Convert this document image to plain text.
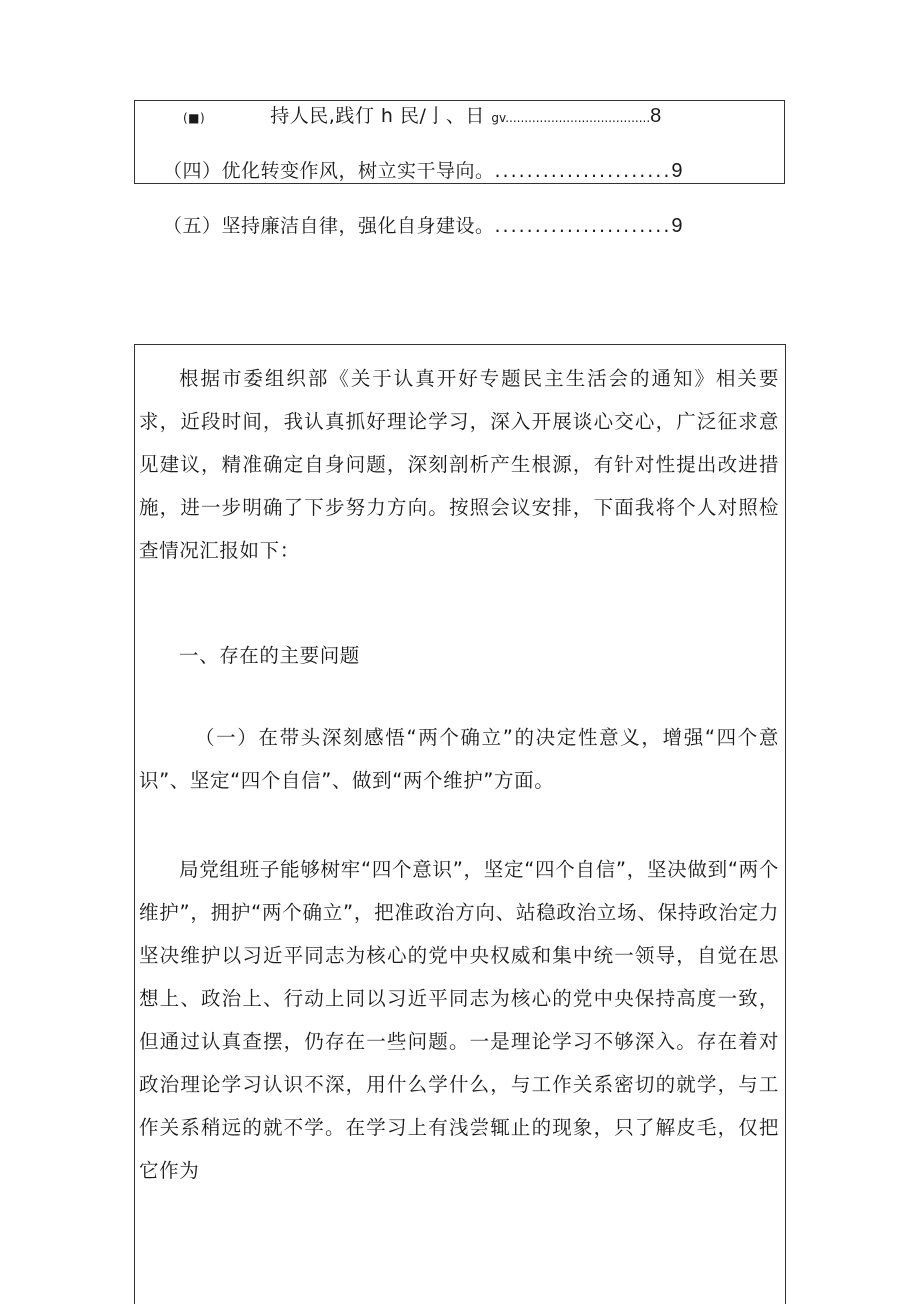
(■)	持人民,践仃 h 民/亅、日 gv......................................8
（四）优化转变作风，树立实干导向。......................9
（五）坚持廉洁自律，强化自身建设。......................9
根据市委组织部《关于认真开好专题民主生活会的通知》相关要求，近段时间，我认真抓好理论学习，深入开展谈心交心，广泛征求意见建议，精准确定自身问题，深刻剖析产生根源，有针对性提出改进措施，进一步明确了下步努力方向。按照会议安排，下面我将个人对照检查情况汇报如下：
一、存在的主要问题
（一）在带头深刻感悟“两个确立”的决定性意义，增强“四个意识”、坚定“四个自信”、做到“两个维护”方面。
局党组班子能够树牢“四个意识”，坚定“四个自信”，坚决做到“两个维护”，拥护“两个确立”，把准政治方向、站稳政治立场、保持政治定力坚决维护以习近平同志为核心的党中央权威和集中统一领导，自觉在思想上、政治上、行动上同以习近平同志为核心的党中央保持高度一致，但通过认真查摆，仍存在一些问题。一是理论学习不够深入。存在着对政治理论学习认识不深，用什么学什么，与工作关系密切的就学，与工作关系稍远的就不学。在学习上有浅尝辄止的现象，只了解皮毛，仅把它作为
